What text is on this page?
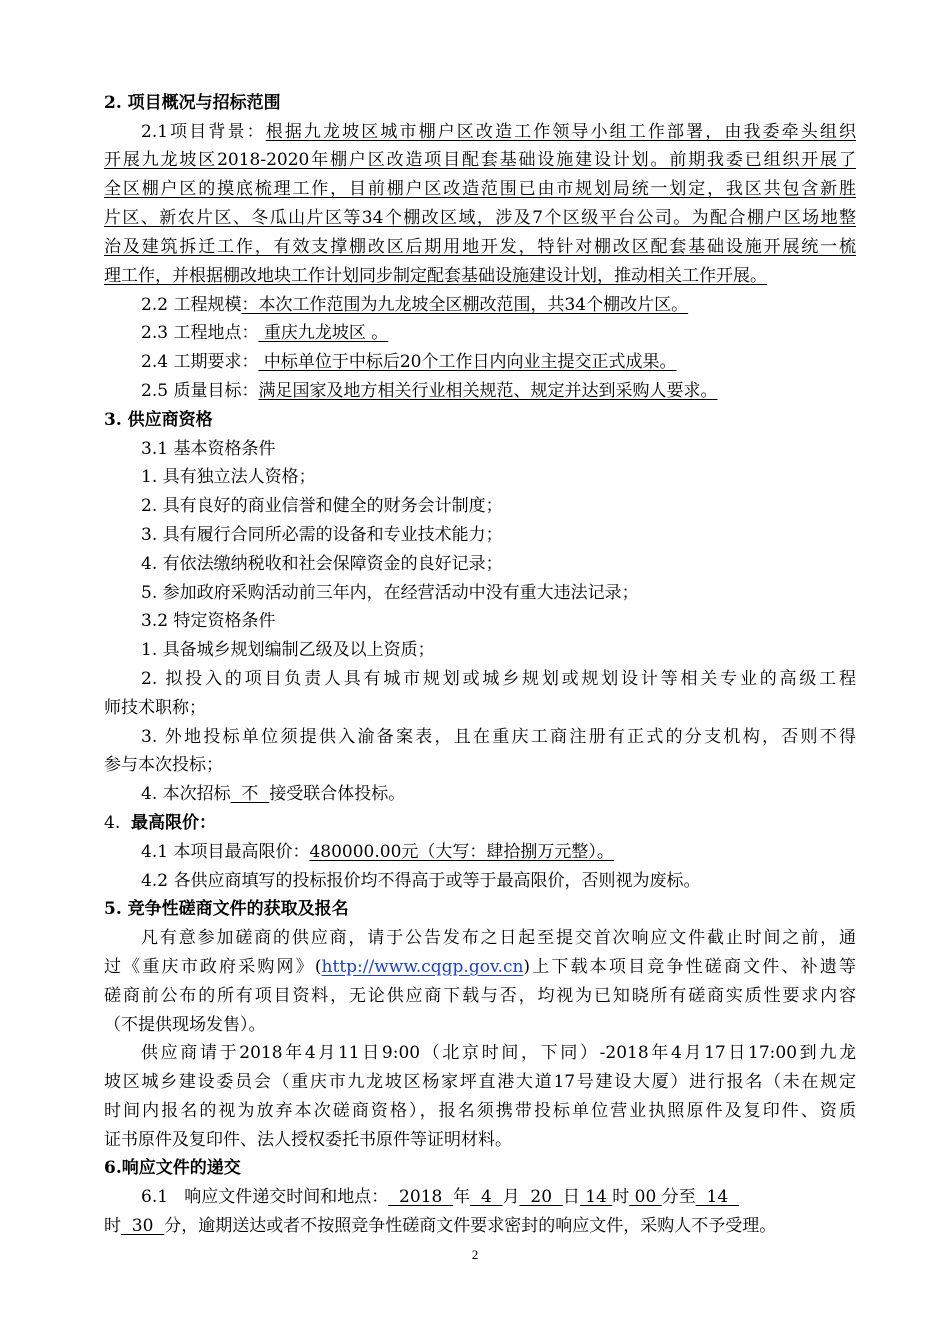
2. 项目概况与招标范围
2.1项目背景：根据九龙坡区城市棚户区改造工作领导小组工作部署，由我委牵头组织
开展九龙坡区2018-2020年棚户区改造项目配套基础设施建设计划。前期我委已组织开展了
全区棚户区的摸底梳理工作，目前棚户区改造范围已由市规划局统一划定，我区共包含新胜
片区、新农片区、冬瓜山片区等34个棚改区域，涉及7个区级平台公司。为配合棚户区场地整
治及建筑拆迁工作，有效支撑棚改区后期用地开发，特针对棚改区配套基础设施开展统一梳
理工作，并根据棚改地块工作计划同步制定配套基础设施建设计划，推动相关工作开展。
2.2 工程规模：本次工作范围为九龙坡全区棚改范围，共34个棚改片区。
2.3 工程地点： 重庆九龙坡区 。
2.4 工期要求： 中标单位于中标后20个工作日内向业主提交正式成果。
2.5 质量目标：满足国家及地方相关行业相关规范、规定并达到采购人要求。
3. 供应商资格
3.1 基本资格条件
1. 具有独立法人资格；
2. 具有良好的商业信誉和健全的财务会计制度；
3. 具有履行合同所必需的设备和专业技术能力；
4. 有依法缴纳税收和社会保障资金的良好记录；
5. 参加政府采购活动前三年内，在经营活动中没有重大违法记录；
3.2 特定资格条件
1. 具备城乡规划编制乙级及以上资质；
2. 拟投入的项目负责人具有城市规划或城乡规划或规划设计等相关专业的高级工程
师技术职称；
3. 外地投标单位须提供入渝备案表，且在重庆工商注册有正式的分支机构，否则不得
参与本次投标；
4. 本次招标  不  接受联合体投标。
4. 最高限价：
4.1 本项目最高限价：480000.00元（大写：肆拾捌万元整）。
4.2 各供应商填写的投标报价均不得高于或等于最高限价，否则视为废标。
5. 竞争性磋商文件的获取及报名
凡有意参加磋商的供应商，请于公告发布之日起至提交首次响应文件截止时间之前，通
过《重庆市政府采购网》(http://www.cqgp.gov.cn)上下载本项目竞争性磋商文件、补遗等
磋商前公布的所有项目资料，无论供应商下载与否，均视为已知晓所有磋商实质性要求内容
（不提供现场发售）。
供应商请于2018年4月11日9:00（北京时间，下同）-2018年4月17日17:00到九龙
坡区城乡建设委员会（重庆市九龙坡区杨家坪直港大道17号建设大厦）进行报名（未在规定
时间内报名的视为放弃本次磋商资格），报名须携带投标单位营业执照原件及复印件、资质
证书原件及复印件、法人授权委托书原件等证明材料。
6.响应文件的递交
6.1   响应文件递交时间和地点：  2018  年  4  月  20  日 14 时 00 分至  14
时  30  分，逾期送达或者不按照竞争性磋商文件要求密封的响应文件，采购人不予受理。
2
